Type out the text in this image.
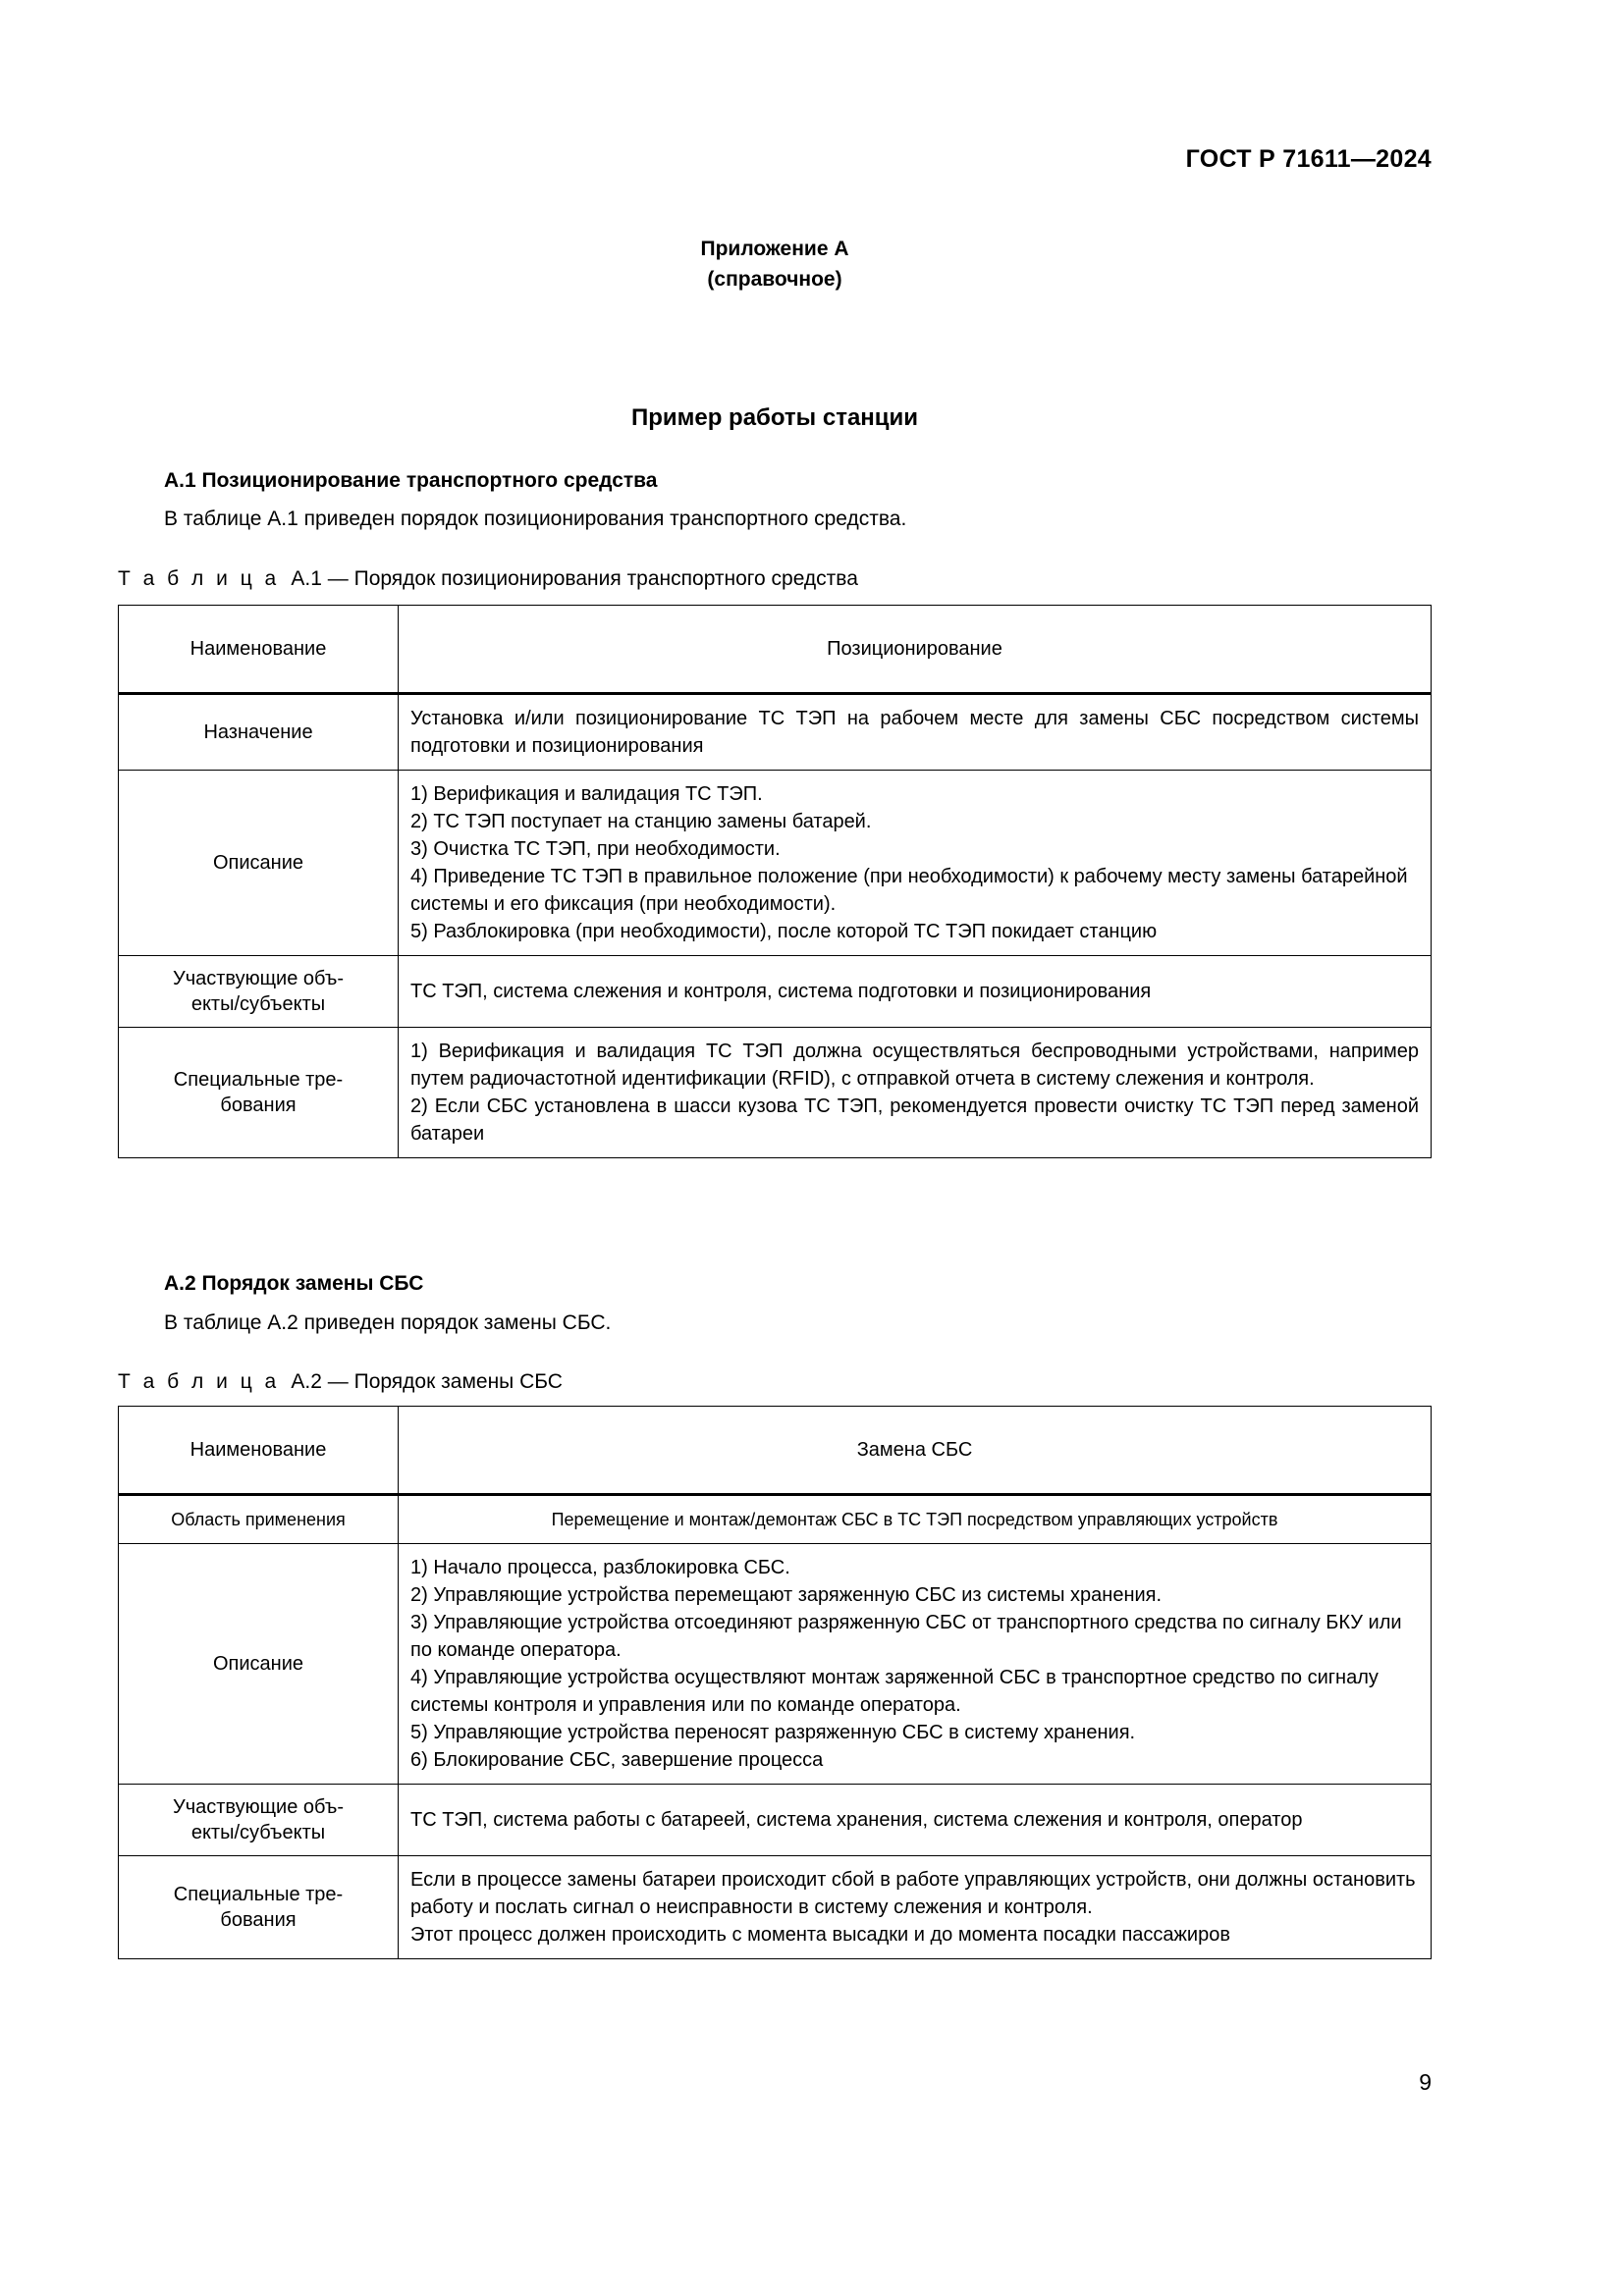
ГОСТ Р 71611—2024
Приложение А
(справочное)
Пример работы станции

А.1 Позиционирование транспортного средства

В таблице А.1 приведен порядок позиционирования транспортного средства.

Т а б л и ц а А.1 — Порядок позиционирования транспортного средства

Наименование	Позиционирование
Назначение	Установка и/или позиционирование ТС ТЭП на рабочем месте для замены СБС посредством системы подготовки и позиционирования
Описание	1) Верификация и валидация ТС ТЭП.
2) ТС ТЭП поступает на станцию замены батарей.
3) Очистка ТС ТЭП, при необходимости.
4) Приведение ТС ТЭП в правильное положение (при необходимости) к рабочему месту замены батарейной системы и его фиксация (при необходимости).
5) Разблокировка (при необходимости), после которой ТС ТЭП покидает станцию
Участвующие объ-
екты/субъекты	ТС ТЭП, система слежения и контроля, система подготовки и позиционирования
Специальные тре-
бования	1) Верификация и валидация ТС ТЭП должна осуществляться беспроводными устройствами, например путем радиочастотной идентификации (RFID), с отправкой отчета в систему слежения и контроля.
2) Если СБС установлена в шасси кузова ТС ТЭП, рекомендуется провести очистку ТС ТЭП перед заменой батареи

А.2 Порядок замены СБС

В таблице А.2 приведен порядок замены СБС.

Т а б л и ц а А.2 — Порядок замены СБС

Наименование	Замена СБС
Область применения	Перемещение и монтаж/демонтаж СБС в ТС ТЭП посредством управляющих устройств
Описание	1) Начало процесса, разблокировка СБС.
2) Управляющие устройства перемещают заряженную СБС из системы хранения.
3) Управляющие устройства отсоединяют разряженную СБС от транспортного средства по сигналу БКУ или по команде оператора.
4) Управляющие устройства осуществляют монтаж заряженной СБС в транспортное средство по сигналу системы контроля и управления или по команде оператора.
5) Управляющие устройства переносят разряженную СБС в систему хранения.
6) Блокирование СБС, завершение процесса
Участвующие объ-
екты/субъекты	ТС ТЭП, система работы с батареей, система хранения, система слежения и контроля, оператор
Специальные тре-
бования	Если в процессе замены батареи происходит сбой в работе управляющих устройств, они должны остановить работу и послать сигнал о неисправности в систему слежения и контроля.
Этот процесс должен происходить с момента высадки и до момента посадки пассажиров
9
